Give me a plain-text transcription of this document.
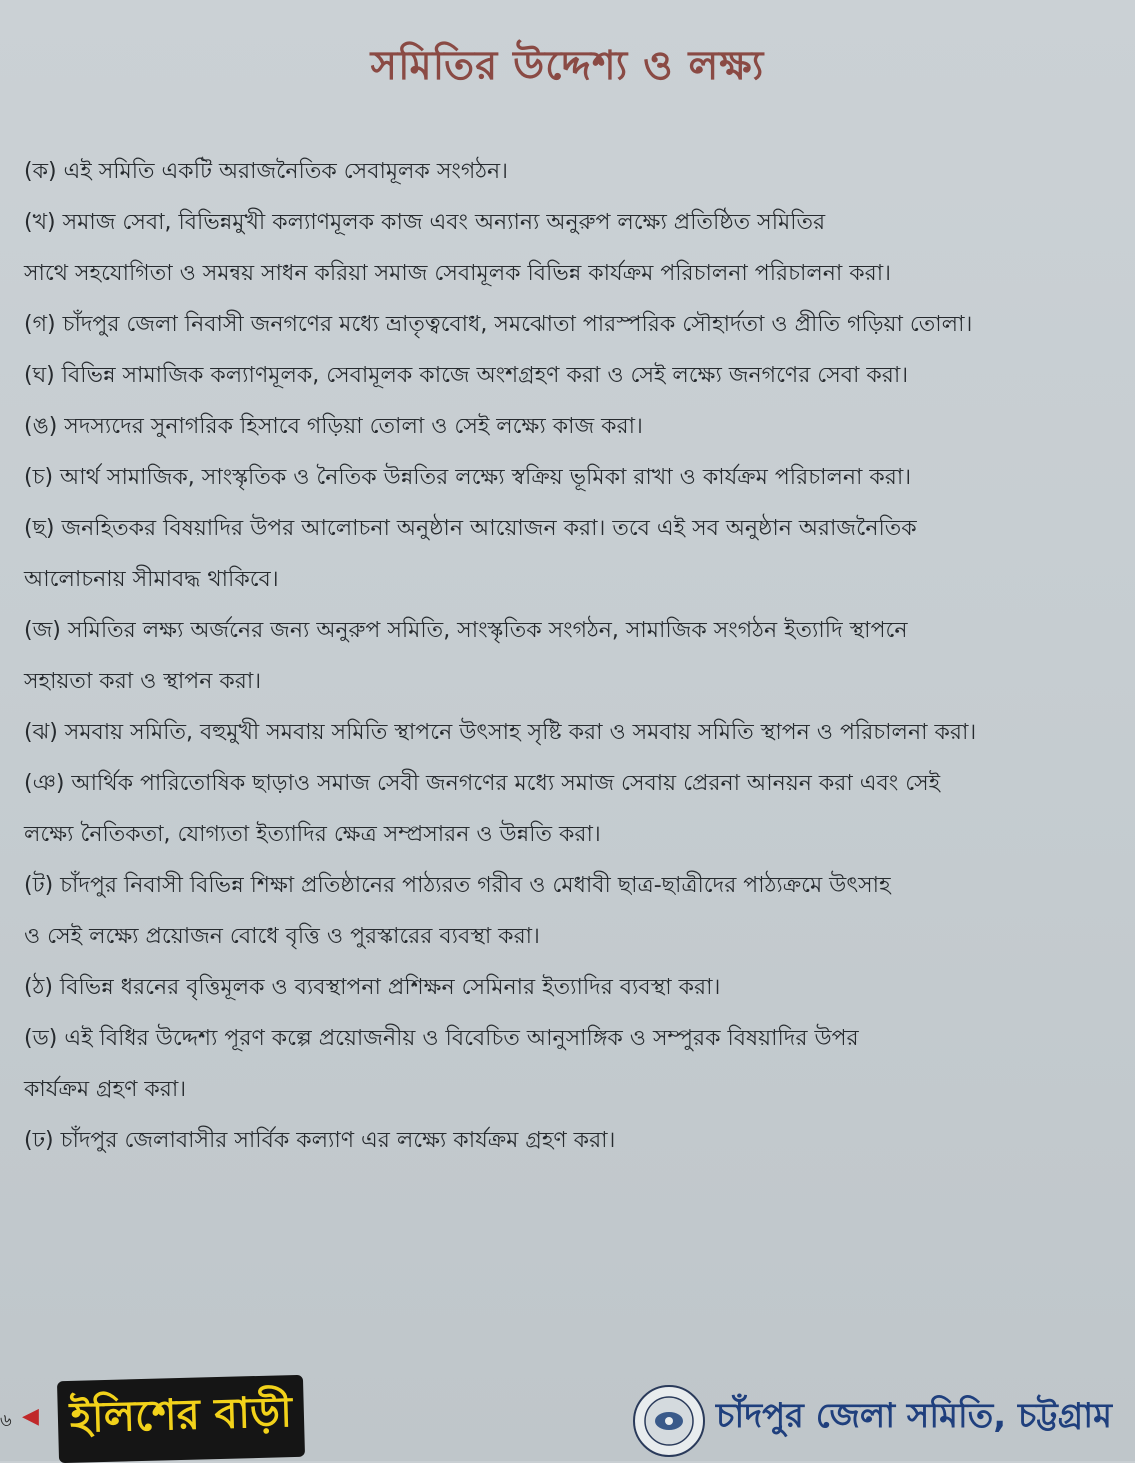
সমিতির উদ্দেশ্য ও লক্ষ্য
(ক) এই সমিতি একটি অরাজনৈতিক সেবামূলক সংগঠন।
(খ) সমাজ সেবা, বিভিন্নমুখী কল্যাণমূলক কাজ এবং অন্যান্য অনুরুপ লক্ষ্যে প্রতিষ্ঠিত সমিতির
সাথে সহযোগিতা ও সমন্বয় সাধন করিয়া সমাজ সেবামূলক বিভিন্ন কার্যক্রম পরিচালনা পরিচালনা করা।
(গ) চাঁদপুর জেলা নিবাসী জনগণের মধ্যে ভ্রাতৃত্ববোধ, সমঝোতা পারস্পরিক সৌহার্দতা ও প্রীতি গড়িয়া তোলা।
(ঘ) বিভিন্ন সামাজিক কল্যাণমূলক, সেবামূলক কাজে অংশগ্রহণ করা ও সেই লক্ষ্যে জনগণের সেবা করা।
(ঙ) সদস্যদের সুনাগরিক হিসাবে গড়িয়া তোলা ও সেই লক্ষ্যে কাজ করা।
(চ) আর্থ সামাজিক, সাংস্কৃতিক ও নৈতিক উন্নতির লক্ষ্যে স্বক্রিয় ভূমিকা রাখা ও কার্যক্রম পরিচালনা করা।
(ছ) জনহিতকর বিষয়াদির উপর আলোচনা অনুষ্ঠান আয়োজন করা। তবে এই সব অনুষ্ঠান অরাজনৈতিক
আলোচনায় সীমাবদ্ধ থাকিবে।
(জ) সমিতির লক্ষ্য অর্জনের জন্য অনুরুপ সমিতি, সাংস্কৃতিক সংগঠন, সামাজিক সংগঠন ইত্যাদি স্থাপনে
সহায়তা করা ও স্থাপন করা।
(ঝ) সমবায় সমিতি, বহুমুখী সমবায় সমিতি স্থাপনে উৎসাহ সৃষ্টি করা ও সমবায় সমিতি স্থাপন ও পরিচালনা করা।
(ঞ) আর্থিক পারিতোষিক ছাড়াও সমাজ সেবী জনগণের মধ্যে সমাজ সেবায় প্রেরনা আনয়ন করা এবং সেই
লক্ষ্যে নৈতিকতা, যোগ্যতা ইত্যাদির ক্ষেত্র সম্প্রসারন ও উন্নতি করা।
(ট) চাঁদপুর নিবাসী বিভিন্ন শিক্ষা প্রতিষ্ঠানের পাঠ্যরত গরীব ও মেধাবী ছাত্র-ছাত্রীদের পাঠ্যক্রমে উৎসাহ
ও সেই লক্ষ্যে প্রয়োজন বোধে বৃত্তি ও পুরস্কারের ব্যবস্থা করা।
(ঠ) বিভিন্ন ধরনের বৃত্তিমূলক ও ব্যবস্থাপনা প্রশিক্ষন সেমিনার ইত্যাদির ব্যবস্থা করা।
(ড) এই বিধির উদ্দেশ্য পূরণ কল্পে প্রয়োজনীয় ও বিবেচিত আনুসাঙ্গিক ও সম্পুরক বিষয়াদির উপর
কার্যক্রম গ্রহণ করা।
(ঢ) চাঁদপুর জেলাবাসীর সার্বিক কল্যাণ এর লক্ষ্যে কার্যক্রম গ্রহণ করা।
৬ ◀ ইলিশের বাড়ী	চাঁদপুর জেলা সমিতি, চট্টগ্রাম
